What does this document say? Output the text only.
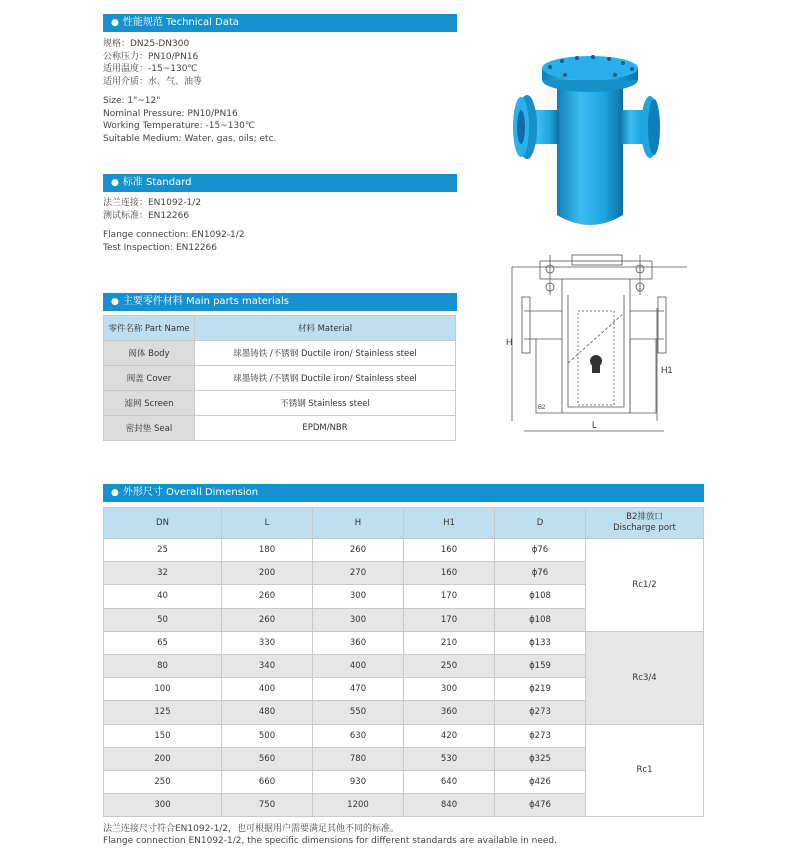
● 性能规范 Technical Data
规格：DN25-DN300
公称压力：PN10/PN16
适用温度：-15~130℃
适用介质：水、气、油等
Size: 1"~12"
Nominal Pressure: PN10/PN16
Working Temperature: -15~130℃
Suitable Medium: Water, gas, oils; etc.
● 标准 Standard
法兰连接：EN1092-1/2
测试标准：EN12266
Flange connection: EN1092-1/2
Test Inspection: EN12266
● 主要零件材料 Main parts materials
零件名称 Part Name	材料 Material
阀体 Body	球墨铸铁 /不锈钢 Ductile iron/ Stainless steel
阀盖 Cover	球墨铸铁 /不锈钢 Ductile iron/ Stainless steel
滤网 Screen	不锈钢 Stainless steel
密封垫 Seal	EPDM/NBR
H
H1
L
B2
● 外形尺寸 Overall Dimension
DN	L	H	H1	D	B2排放口
Discharge port
25	180	260	160	ϕ76	Rc1/2
32	200	270	160	ϕ76	
40	260	300	170	ϕ108	
50	260	300	170	ϕ108	
65	330	360	210	ϕ133	Rc3/4
80	340	400	250	ϕ159	
100	400	470	300	ϕ219	
125	480	550	360	ϕ273	
150	500	630	420	ϕ273	Rc1
200	560	780	530	ϕ325	
250	660	930	640	ϕ426	
300	750	1200	840	ϕ476	
法兰连接尺寸符合EN1092-1/2，也可根据用户需要满足其他不同的标准。
Flange connection EN1092-1/2, the specific dimensions for different standards are available in need.
